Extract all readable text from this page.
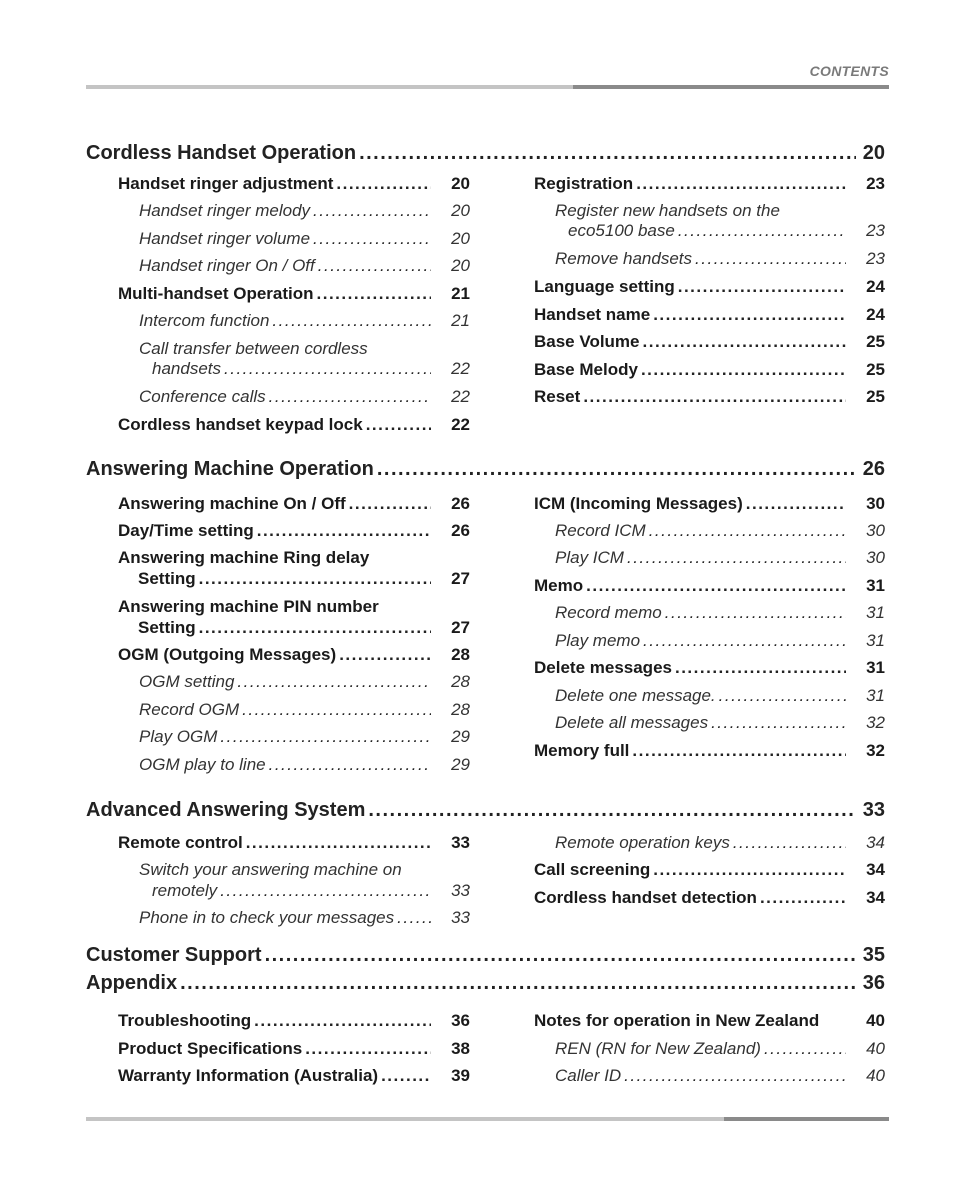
CONTENTS
Cordless Handset Operation .....	20
Answering Machine Operation .....	26
Advanced Answering System .....	33
Customer Support .....	35
Appendix .....	36
Handset ringer adjustment .....	20
Handset ringer melody .....	20
Handset ringer volume .....	20
Handset ringer On / Off .....	20
Multi-handset Operation .....	21
Intercom function .....	21
Call transfer between cordless
handsets .....	22
Conference calls .....	22
Cordless handset keypad lock .....	22
Registration .....	23
Register new handsets on the
eco5100 base .....	23
Remove handsets .....	23
Language setting .....	24
Handset name .....	24
Base Volume .....	25
Base Melody .....	25
Reset .....	25
Answering machine On / Off .....	26
Day/Time setting .....	26
Answering machine Ring delay
Setting .....	27
Answering machine PIN number
Setting .....	27
OGM (Outgoing Messages) .....	28
OGM setting .....	28
Record OGM .....	28
Play OGM .....	29
OGM play to line .....	29
ICM (Incoming Messages) .....	30
Record ICM .....	30
Play ICM .....	30
Memo .....	31
Record memo .....	31
Play memo .....	31
Delete messages .....	31
Delete one message. .....	31
Delete all messages .....	32
Memory full .....	32
Remote control .....	33
Switch your answering machine on
remotely .....	33
Phone in to check your messages .....	33
Remote operation keys .....	34
Call screening .....	34
Cordless handset detection .....	34
Troubleshooting .....	36
Product Specifications .....	38
Warranty Information (Australia) .....	39
Notes for operation in New Zealand	40
REN (RN for New Zealand) .....	40
Caller ID .....	40
